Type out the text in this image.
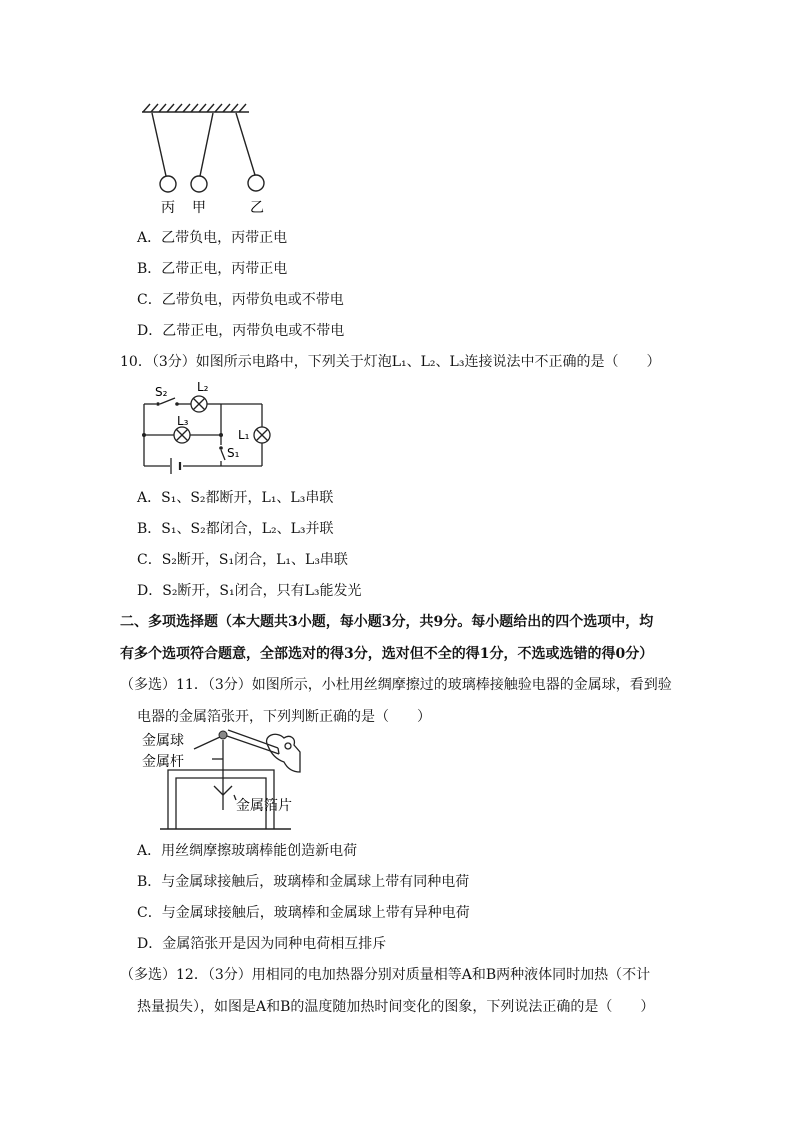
丙 甲	乙
A．乙带负电，丙带正电
B．乙带正电，丙带正电
C．乙带负电，丙带负电或不带电
D．乙带正电，丙带负电或不带电
10．（3分）如图所示电路中，下列关于灯泡L₁、L₂、L₃连接说法中不正确的是（　　）
S₂ L₂
L₃
L₁
S₁
A．S₁、S₂都断开，L₁、L₃串联
B．S₁、S₂都闭合，L₂、L₃并联
C．S₂断开，S₁闭合，L₁、L₃串联
D．S₂断开，S₁闭合，只有L₃能发光
二、多项选择题（本大题共3小题，每小题3分，共9分。每小题给出的四个选项中，均
有多个选项符合题意，全部选对的得3分，选对但不全的得1分，不选或选错的得0分）
（多选）11．（3分）如图所示，小杜用丝绸摩擦过的玻璃棒接触验电器的金属球，看到验
电器的金属箔张开，下列判断正确的是（　　）
金属球
金属杆
金属箔片
A．用丝绸摩擦玻璃棒能创造新电荷
B．与金属球接触后，玻璃棒和金属球上带有同种电荷
C．与金属球接触后，玻璃棒和金属球上带有异种电荷
D．金属箔张开是因为同种电荷相互排斥
（多选）12．（3分）用相同的电加热器分别对质量相等A和B两种液体同时加热（不计
热量损失），如图是A和B的温度随加热时间变化的图象，下列说法正确的是（　　）
